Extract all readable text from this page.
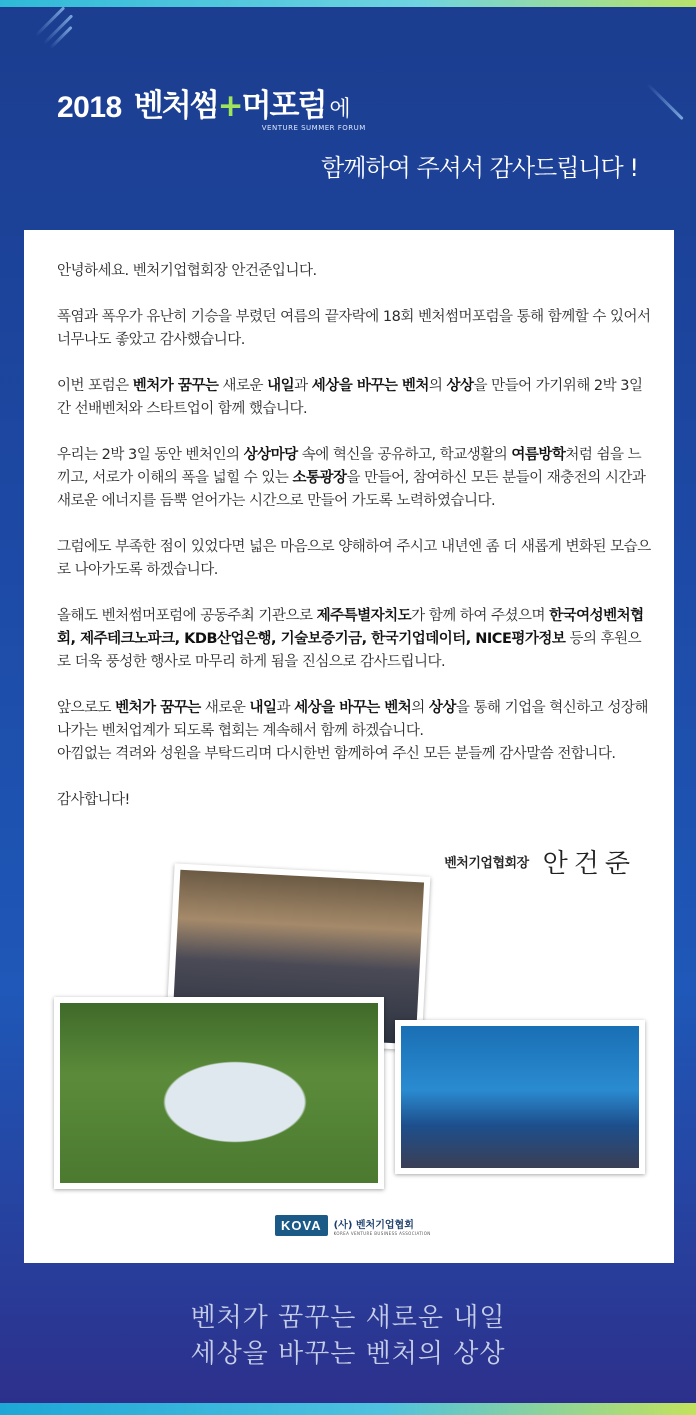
2018 벤처썸+머포럼
VENTURE SUMMER FORUM
에
함께하여 주셔서 감사드립니다 !

안녕하세요. 벤처기업협회장 안건준입니다.

폭염과 폭우가 유난히 기승을 부렸던 여름의 끝자락에 18회 벤처썸머포럼을 통해 함께할 수 있어서 너무나도 좋았고 감사했습니다.

이번 포럼은 벤처가 꿈꾸는 새로운 내일과 세상을 바꾸는 벤처의 상상을 만들어 가기위해 2박 3일간 선배벤처와 스타트업이 함께 했습니다.

우리는 2박 3일 동안 벤처인의 상상마당 속에 혁신을 공유하고, 학교생활의 여름방학처럼 쉼을 느끼고, 서로가 이해의 폭을 넓힐 수 있는 소통광장을 만들어, 참여하신 모든 분들이 재충전의 시간과 새로운 에너지를 듬뿍 얻어가는 시간으로 만들어 가도록 노력하였습니다.

그럼에도 부족한 점이 있었다면 넓은 마음으로 양해하여 주시고 내년엔 좀 더 새롭게 변화된 모습으로 나아가도록 하겠습니다.

올해도 벤처썸머포럼에 공동주최 기관으로 제주특별자치도가 함께 하여 주셨으며 한국여성벤처협회, 제주테크노파크, KDB산업은행, 기술보증기금, 한국기업데이터, NICE평가정보 등의 후원으로 더욱 풍성한 행사로 마무리 하게 됨을 진심으로 감사드립니다.

앞으로도 벤처가 꿈꾸는 새로운 내일과 세상을 바꾸는 벤처의 상상을 통해 기업을 혁신하고 성장해 나가는 벤처업계가 되도록 협회는 계속해서 함께 하겠습니다.

아낌없는 격려와 성원을 부탁드리며 다시한번 함께하여 주신 모든 분들께 감사말씀 전합니다.

감사합니다!

벤처기업협회장 안건준
KOVA	(사) 벤처기업협회
KOREA VENTURE BUSINESS ASSOCIATION
벤처가 꿈꾸는 새로운 내일
세상을 바꾸는 벤처의 상상
